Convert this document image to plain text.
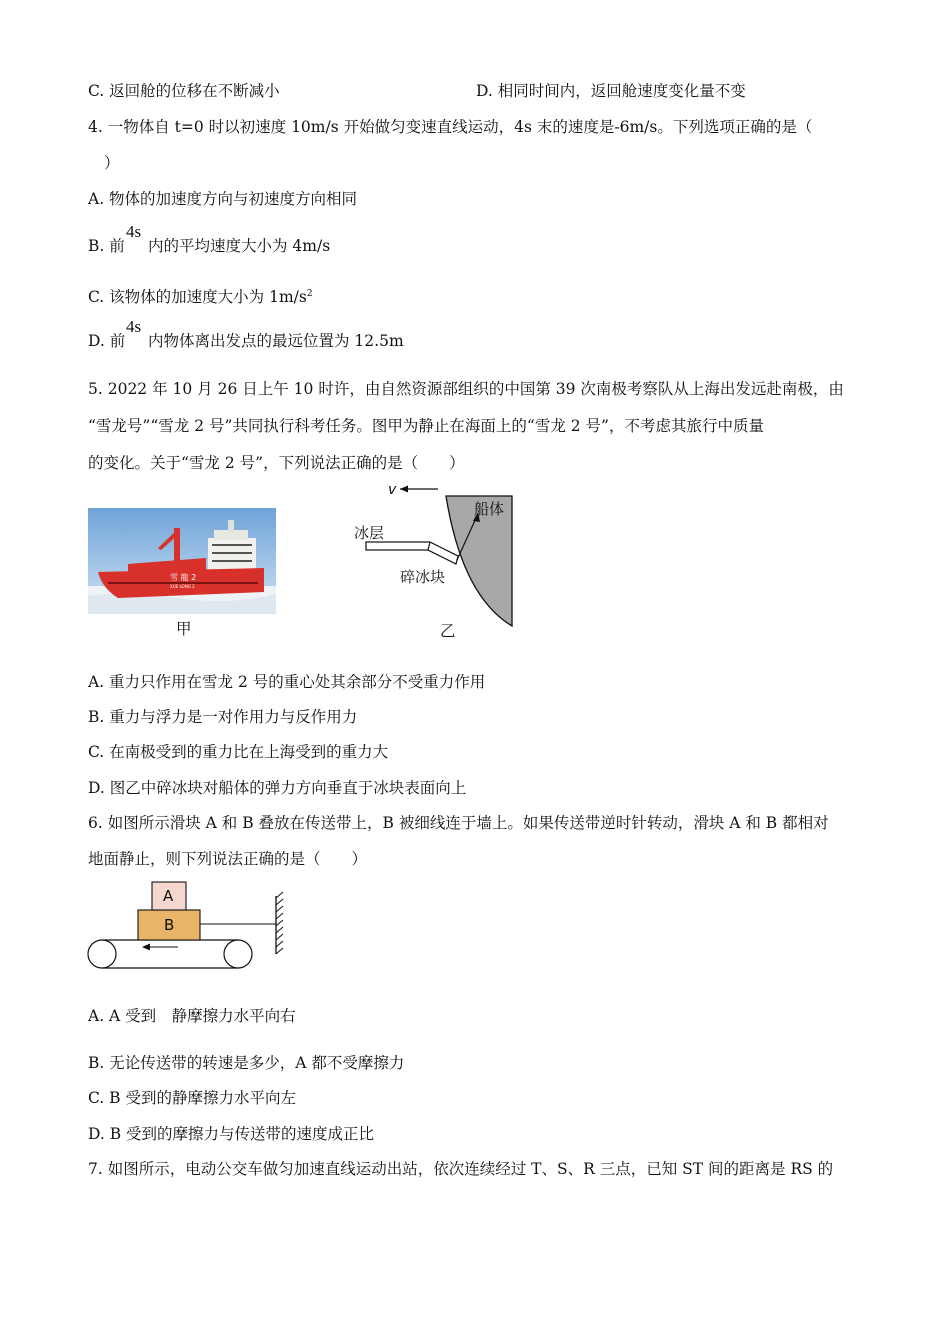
C. 返回舱的位移在不断减小	D. 相同时间内，返回舱速度变化量不变
4. 一物体自 t=0 时以初速度 10m/s 开始做匀变速直线运动，4s 末的速度是-6m/s。下列选项正确的是（
）
A. 物体的加速度方向与初速度方向相同
B. 前
4s
内的平均速度大小为 4m/s
C. 该物体的加速度大小为 $1m/s^2$
D. 前
4s
内物体离出发点的最远位置为 12.5m
5. 2022 年 10 月 26 日上午 10 时许，由自然资源部组织的中国第 39 次南极考察队从上海出发远赴南极，由
“雪龙号”“雪龙 2 号”共同执行科考任务。图甲为静止在海面上的“雪龙 2 号”，不考虑其旅行中质量
的变化。关于“雪龙 2 号”，下列说法正确的是（　　）
雪 龍 2
XUE LONG 2
甲
v
船体
冰层
碎冰块
乙
A. 重力只作用在雪龙 2 号的重心处其余部分不受重力作用
B. 重力与浮力是一对作用力与反作用力
C. 在南极受到的重力比在上海受到的重力大
D. 图乙中碎冰块对船体的弹力方向垂直于冰块表面向上
6. 如图所示滑块 A 和 B 叠放在传送带上，B 被细线连于墙上。如果传送带逆时针转动，滑块 A 和 B 都相对
地面静止，则下列说法正确的是（　　）
B
A
A. A 受到　静摩擦力水平向右
B. 无论传送带的转速是多少，A 都不受摩擦力
C. B 受到的静摩擦力水平向左
D. B 受到的摩擦力与传送带的速度成正比
7. 如图所示，电动公交车做匀加速直线运动出站，依次连续经过 T、S、R 三点，已知 ST 间的距离是 RS 的
